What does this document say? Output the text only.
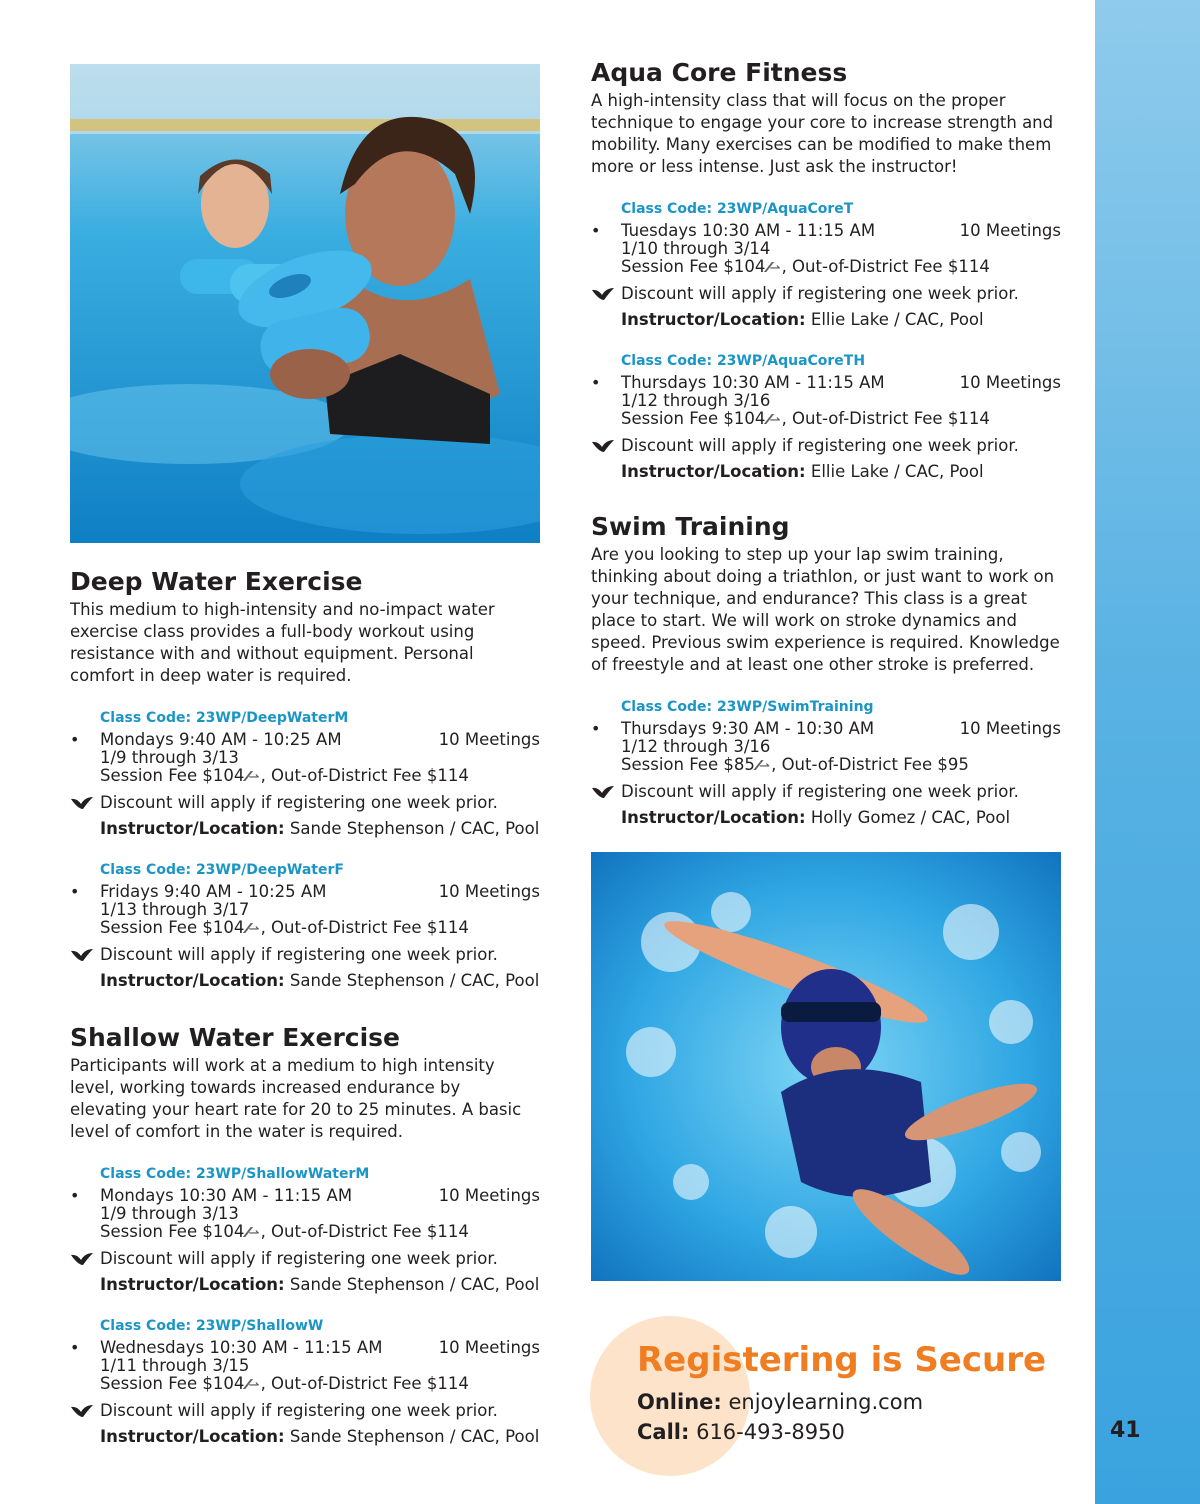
41
Deep Water Exercise

This medium to high-intensity and no-impact water exercise class provides a full-body workout using resistance with and without equipment. Personal comfort in deep water is required.

Class Code: 23WP/DeepWaterM
• Mondays 9:40 AM - 10:25 AM	10 Meetings
1/9 through 3/13
Session Fee $104 ⁄⁄⇀ , Out-of-District Fee $114
Discount will apply if registering one week prior.
Instructor/Location: Sande Stephenson / CAC, Pool
Class Code: 23WP/DeepWaterF
• Fridays 9:40 AM - 10:25 AM	10 Meetings
1/13 through 3/17
Session Fee $104 ⁄⁄⇀ , Out-of-District Fee $114
Discount will apply if registering one week prior.
Instructor/Location: Sande Stephenson / CAC, Pool
Shallow Water Exercise

Participants will work at a medium to high intensity level, working towards increased endurance by elevating your heart rate for 20 to 25 minutes. A basic level of comfort in the water is required.

Class Code: 23WP/ShallowWaterM
• Mondays 10:30 AM - 11:15 AM	10 Meetings
1/9 through 3/13
Session Fee $104 ⁄⁄⇀ , Out-of-District Fee $114
Discount will apply if registering one week prior.
Instructor/Location: Sande Stephenson / CAC, Pool
Class Code: 23WP/ShallowW
• Wednesdays 10:30 AM - 11:15 AM	10 Meetings
1/11 through 3/15
Session Fee $104 ⁄⁄⇀ , Out-of-District Fee $114
Discount will apply if registering one week prior.
Instructor/Location: Sande Stephenson / CAC, Pool
Aqua Core Fitness

A high-intensity class that will focus on the proper technique to engage your core to increase strength and mobility. Many exercises can be modified to make them more or less intense. Just ask the instructor!

Class Code: 23WP/AquaCoreT
• Tuesdays 10:30 AM - 11:15 AM	10 Meetings
1/10 through 3/14
Session Fee $104 ⁄⁄⇀ , Out-of-District Fee $114
Discount will apply if registering one week prior.
Instructor/Location: Ellie Lake / CAC, Pool
Class Code: 23WP/AquaCoreTH
• Thursdays 10:30 AM - 11:15 AM	10 Meetings
1/12 through 3/16
Session Fee $104 ⁄⁄⇀ , Out-of-District Fee $114
Discount will apply if registering one week prior.
Instructor/Location: Ellie Lake / CAC, Pool
Swim Training

Are you looking to step up your lap swim training, thinking about doing a triathlon, or just want to work on your technique, and endurance? This class is a great place to start. We will work on stroke dynamics and speed. Previous swim experience is required. Knowledge of freestyle and at least one other stroke is preferred.

Class Code: 23WP/SwimTraining
• Thursdays 9:30 AM - 10:30 AM	10 Meetings
1/12 through 3/16
Session Fee $85 ⁄⁄⇀ , Out-of-District Fee $95
Discount will apply if registering one week prior.
Instructor/Location: Holly Gomez / CAC, Pool
Registering is Secure
Online: enjoylearning.com
Call: 616-493-8950
